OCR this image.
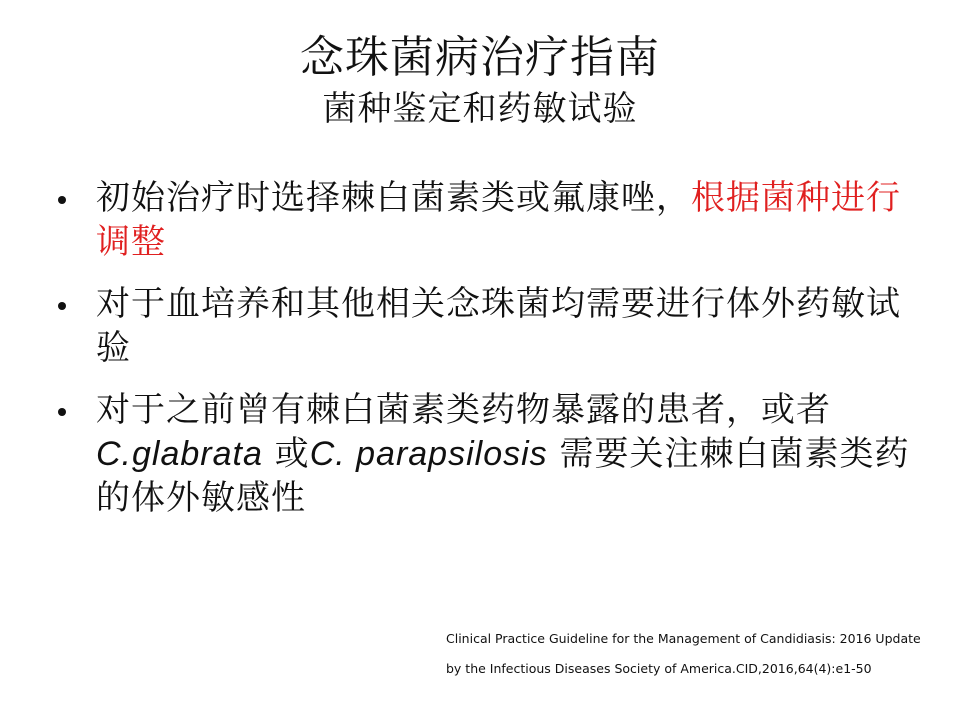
念珠菌病治疗指南
菌种鉴定和药敏试验
初始治疗时选择棘白菌素类或氟康唑，根据菌种进行调整
对于血培养和其他相关念珠菌均需要进行体外药敏试验
对于之前曾有棘白菌素类药物暴露的患者，或者 C.glabrata 或C. parapsilosis 需要关注棘白菌素类药的体外敏感性
Clinical Practice Guideline for the Management of Candidiasis: 2016 Update
by the Infectious Diseases Society of America.CID,2016,64(4):e1-50
